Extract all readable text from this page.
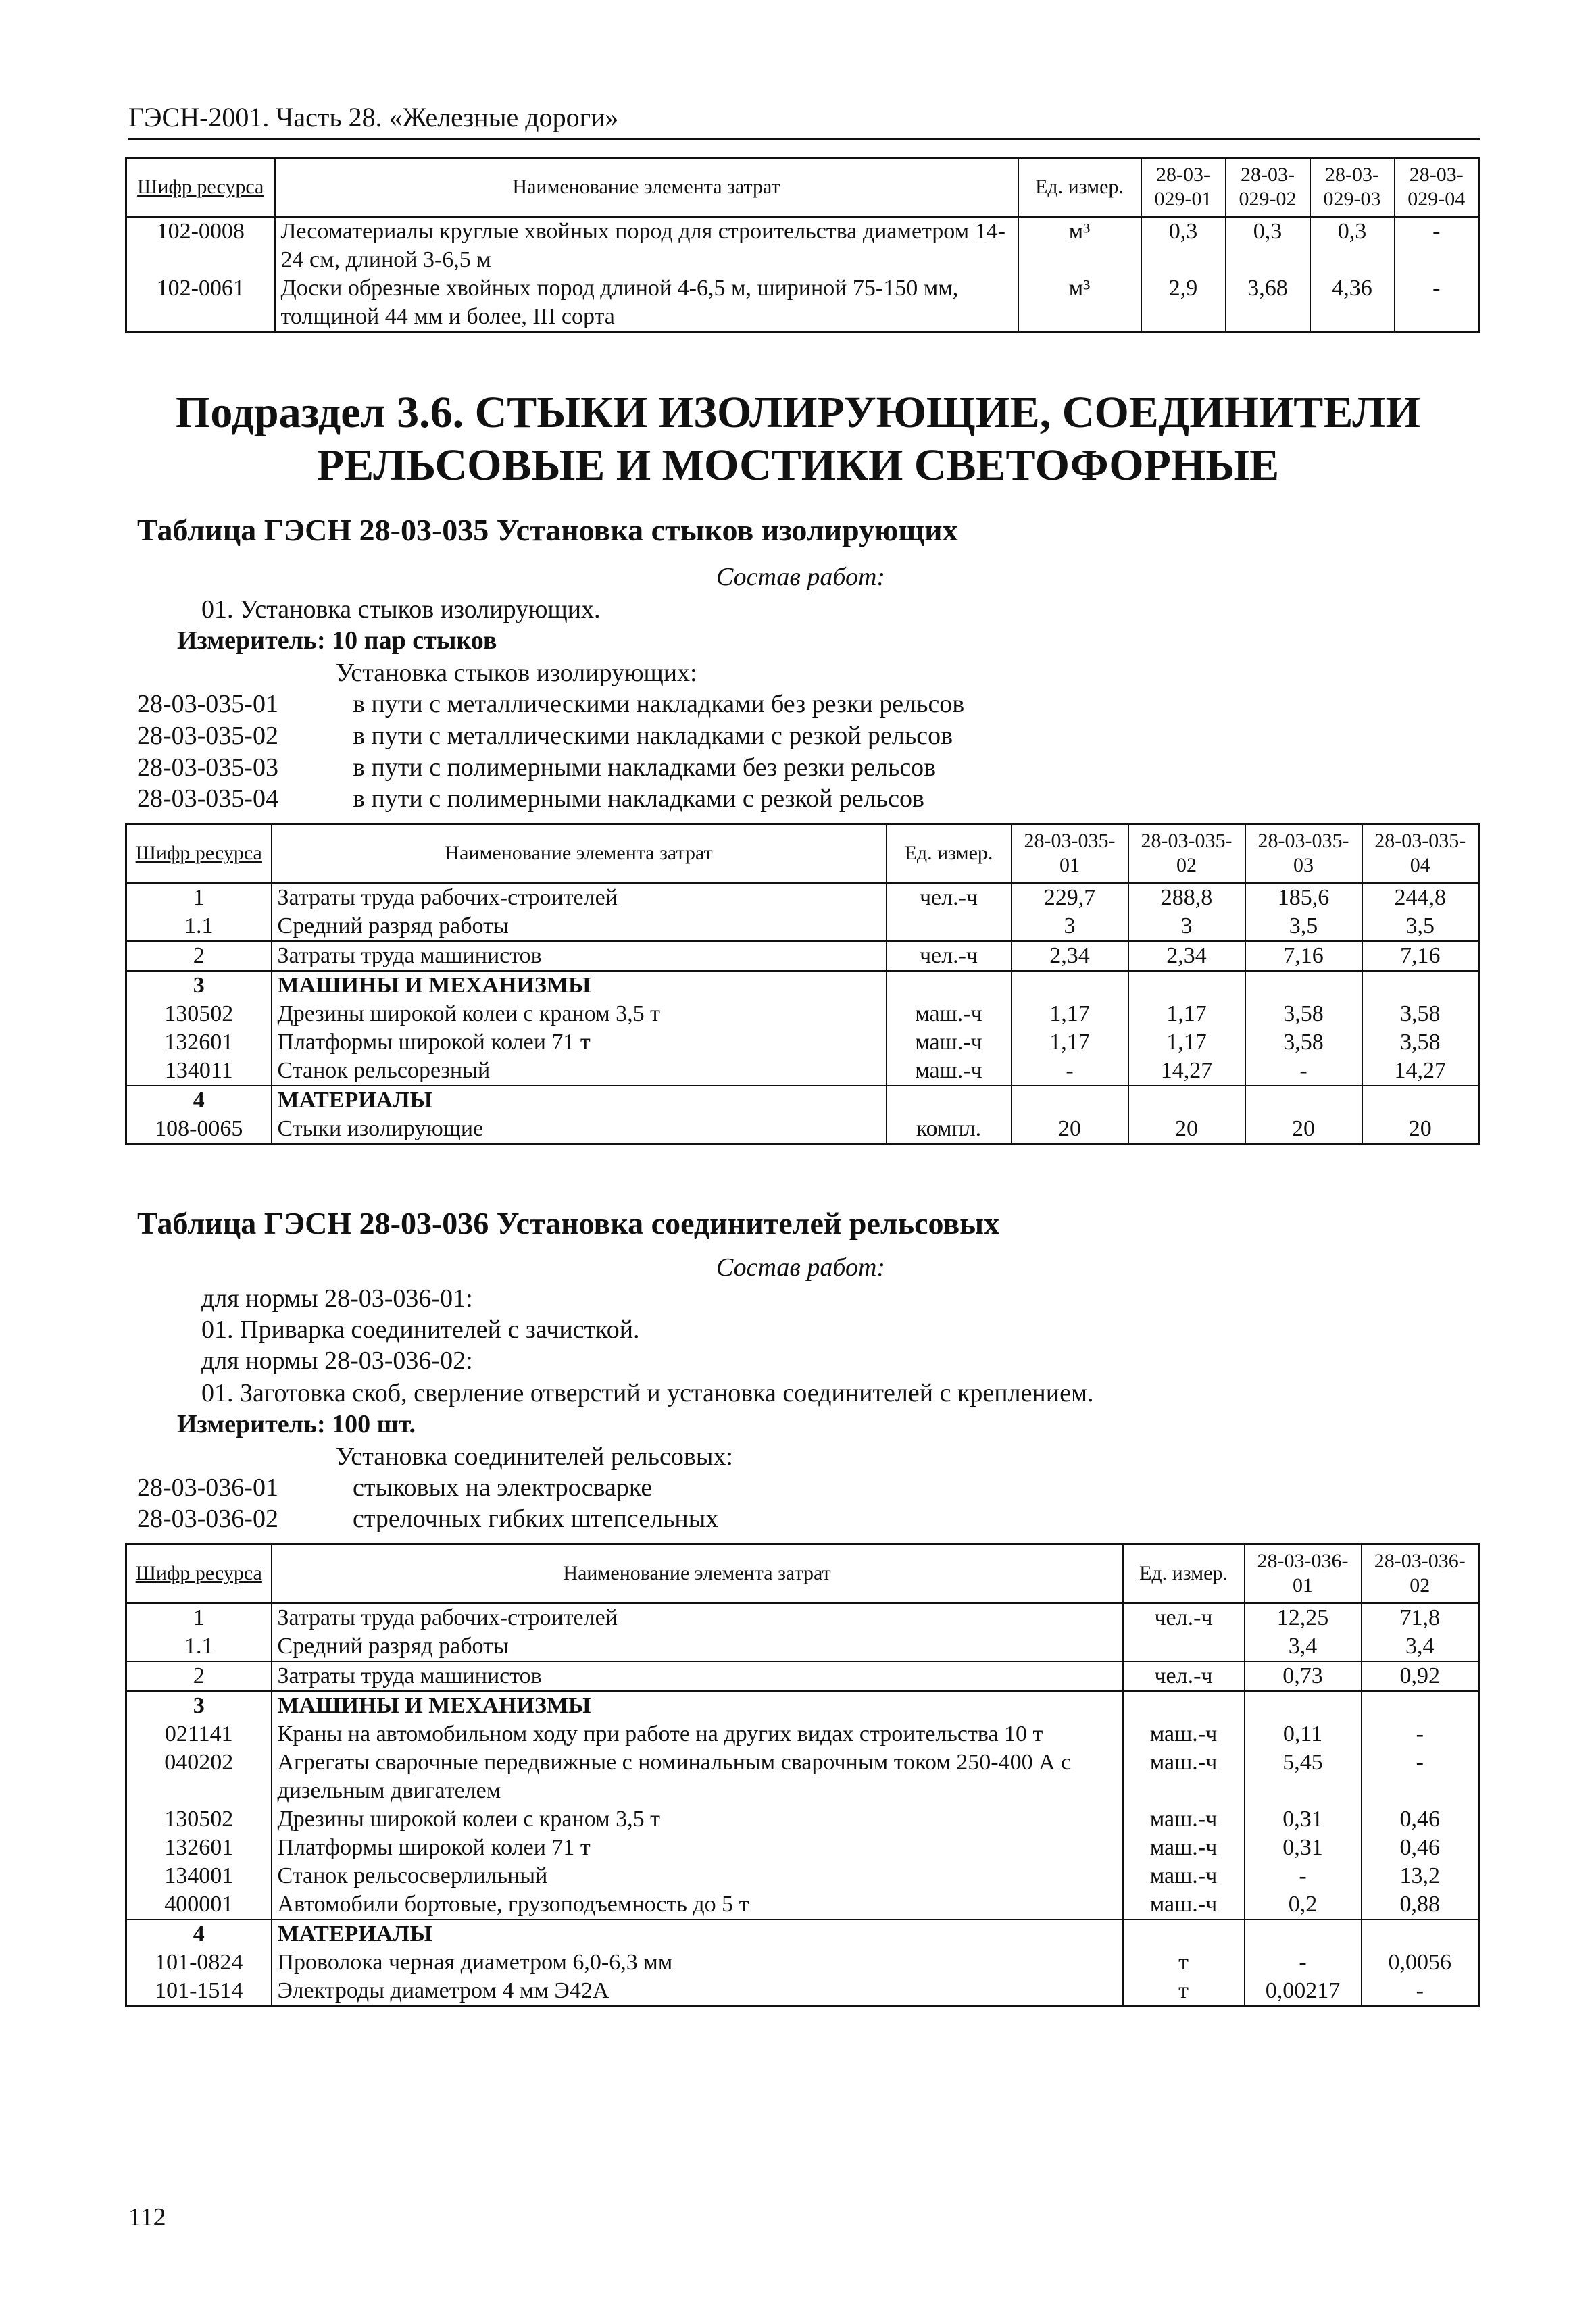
ГЭСН-2001. Часть 28. «Железные дороги»
Шифр ресурса	Наименование элемента затрат	Ед. измер.	28-03-029-01	28-03-029-02	28-03-029-03	28-03-029-04
102-0008	Лесоматериалы круглые хвойных пород для строительства диаметром 14-24 см, длиной 3-6,5 м	м³	0,3	0,3	0,3	-
102-0061	Доски обрезные хвойных пород длиной 4-6,5 м, шириной 75-150 мм, толщиной 44 мм и более, III сорта	м³	2,9	3,68	4,36	-
Подраздел 3.6. СТЫКИ ИЗОЛИРУЮЩИЕ, СОЕДИНИТЕЛИ
РЕЛЬСОВЫЕ И МОСТИКИ СВЕТОФОРНЫЕ
Таблица ГЭСН 28-03-035 Установка стыков изолирующих
Состав работ:
01. Установка стыков изолирующих.
Измеритель: 10 пар стыков
Установка стыков изолирующих:
28-03-035-01	в пути с металлическими накладками без резки рельсов
28-03-035-02	в пути с металлическими накладками с резкой рельсов
28-03-035-03	в пути с полимерными накладками без резки рельсов
28-03-035-04	в пути с полимерными накладками с резкой рельсов
Шифр ресурса	Наименование элемента затрат	Ед. измер.	28-03-035-01	28-03-035-02	28-03-035-03	28-03-035-04
1	Затраты труда рабочих-строителей	чел.-ч	229,7	288,8	185,6	244,8
1.1	Средний разряд работы		3	3	3,5	3,5
2	Затраты труда машинистов	чел.-ч	2,34	2,34	7,16	7,16
3	МАШИНЫ И МЕХАНИЗМЫ					
130502	Дрезины широкой колеи с краном 3,5 т	маш.-ч	1,17	1,17	3,58	3,58
132601	Платформы широкой колеи 71 т	маш.-ч	1,17	1,17	3,58	3,58
134011	Станок рельсорезный	маш.-ч	-	14,27	-	14,27
4	МАТЕРИАЛЫ					
108-0065	Стыки изолирующие	компл.	20	20	20	20
Таблица ГЭСН 28-03-036 Установка соединителей рельсовых
Состав работ:
для нормы 28-03-036-01:
01. Приварка соединителей с зачисткой.
для нормы 28-03-036-02:
01. Заготовка скоб, сверление отверстий и установка соединителей с креплением.
Измеритель: 100 шт.
Установка соединителей рельсовых:
28-03-036-01	стыковых на электросварке
28-03-036-02	стрелочных гибких штепсельных
Шифр ресурса	Наименование элемента затрат	Ед. измер.	28-03-036-01	28-03-036-02
1	Затраты труда рабочих-строителей	чел.-ч	12,25	71,8
1.1	Средний разряд работы		3,4	3,4
2	Затраты труда машинистов	чел.-ч	0,73	0,92
3	МАШИНЫ И МЕХАНИЗМЫ			
021141	Краны на автомобильном ходу при работе на других видах строительства 10 т	маш.-ч	0,11	-
040202	Агрегаты сварочные передвижные с номинальным сварочным током 250-400 А с дизельным двигателем	маш.-ч	5,45	-
130502	Дрезины широкой колеи с краном 3,5 т	маш.-ч	0,31	0,46
132601	Платформы широкой колеи 71 т	маш.-ч	0,31	0,46
134001	Станок рельсосверлильный	маш.-ч	-	13,2
400001	Автомобили бортовые, грузоподъемность до 5 т	маш.-ч	0,2	0,88
4	МАТЕРИАЛЫ			
101-0824	Проволока черная диаметром 6,0-6,3 мм	т	-	0,0056
101-1514	Электроды диаметром 4 мм Э42А	т	0,00217	-
112
